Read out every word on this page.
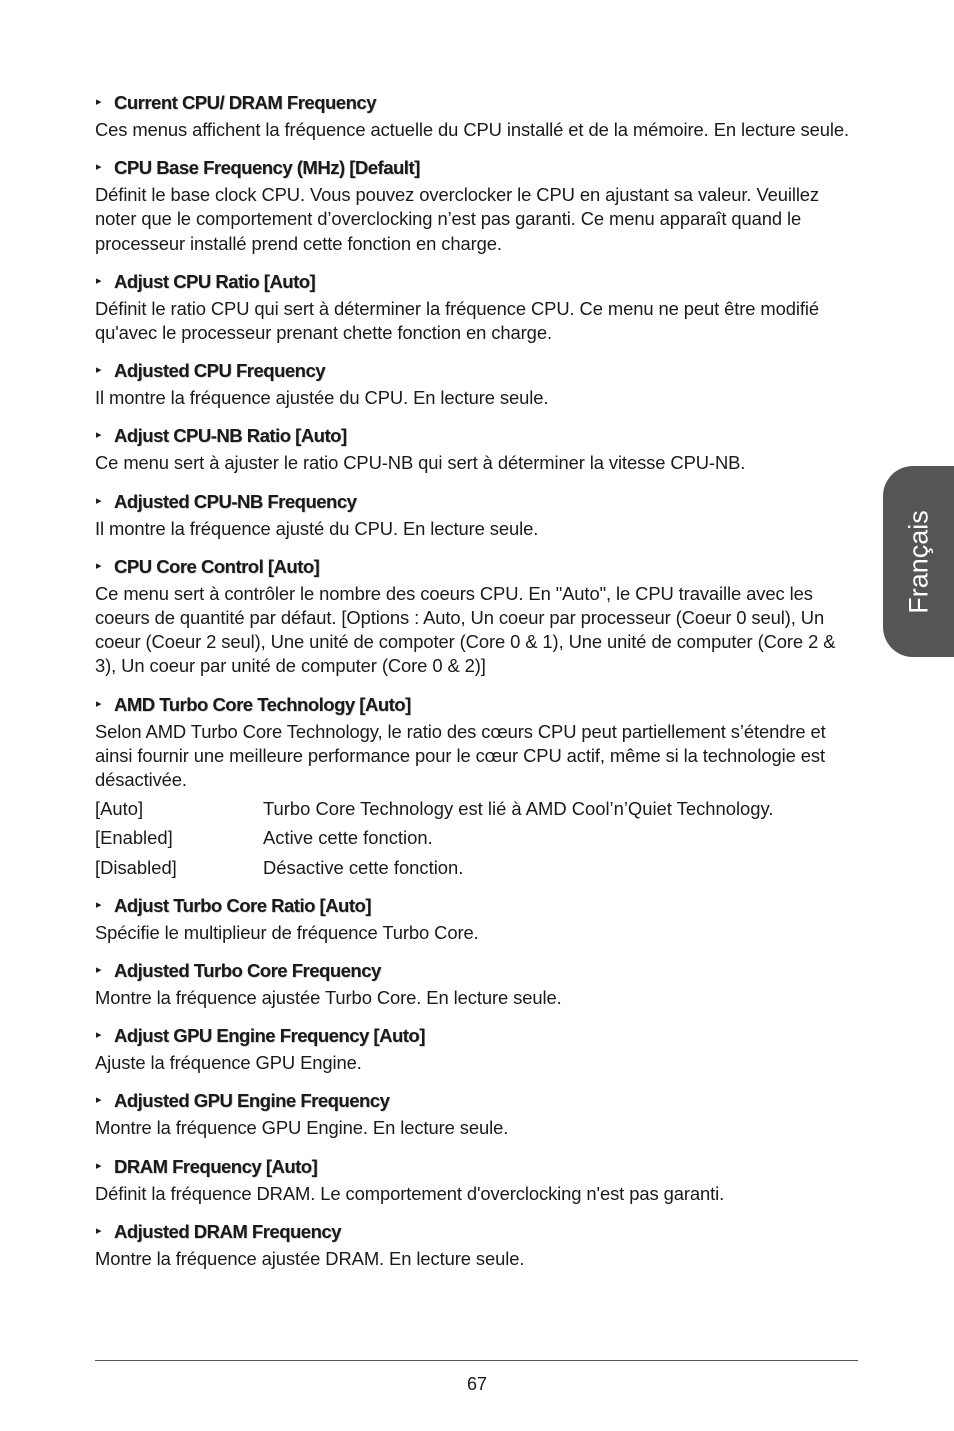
▸ Current CPU/ DRAM Frequency
Ces menus affichent la fréquence actuelle du CPU installé et de la mémoire. En lecture seule.
▸ CPU Base Frequency (MHz) [Default]
Définit le base clock CPU. Vous pouvez overclocker le CPU en ajustant sa valeur. Veuillez noter que le comportement d’overclocking n’est pas garanti. Ce menu apparaît quand le processeur installé prend cette fonction en charge.
▸ Adjust CPU Ratio [Auto]
Définit le ratio CPU qui sert à déterminer la fréquence CPU. Ce menu ne peut être modifié qu'avec le processeur prenant chette fonction en charge.
▸ Adjusted CPU Frequency
Il montre la fréquence ajustée du CPU. En lecture seule.
▸ Adjust CPU-NB Ratio [Auto]
Ce menu sert à ajuster le ratio CPU-NB qui sert à déterminer la vitesse CPU-NB.
▸ Adjusted CPU-NB Frequency
Il montre la fréquence ajusté du CPU. En lecture seule.
▸ CPU Core Control [Auto]
Ce menu sert à contrôler le nombre des coeurs CPU. En "Auto", le CPU travaille avec les coeurs de quantité par défaut. [Options : Auto, Un coeur par processeur (Coeur 0 seul), Un coeur (Coeur 2 seul), Une unité de compoter (Core 0 & 1), Une unité de computer (Core 2 & 3), Un coeur par unité de computer (Core 0 & 2)]
▸ AMD Turbo Core Technology [Auto]
Selon AMD Turbo Core Technology, le ratio des cœurs CPU peut partiellement s’étendre et ainsi fournir une meilleure performance pour le cœur CPU actif, même si la technologie est désactivée.
[Auto]	Turbo Core Technology est lié à AMD Cool’n’Quiet Technology.
[Enabled]	Active cette fonction.
[Disabled]	Désactive cette fonction.
▸ Adjust Turbo Core Ratio [Auto]
Spécifie le multiplieur de fréquence Turbo Core.
▸ Adjusted Turbo Core Frequency
Montre la fréquence ajustée Turbo Core. En lecture seule.
▸ Adjust GPU Engine Frequency [Auto]
Ajuste la fréquence GPU Engine.
▸ Adjusted GPU Engine Frequency
Montre la fréquence GPU Engine. En lecture seule.
▸ DRAM Frequency [Auto]
Définit la fréquence DRAM. Le comportement d'overclocking n'est pas garanti.
▸ Adjusted DRAM Frequency
Montre la fréquence ajustée DRAM. En lecture seule.
Français
67
